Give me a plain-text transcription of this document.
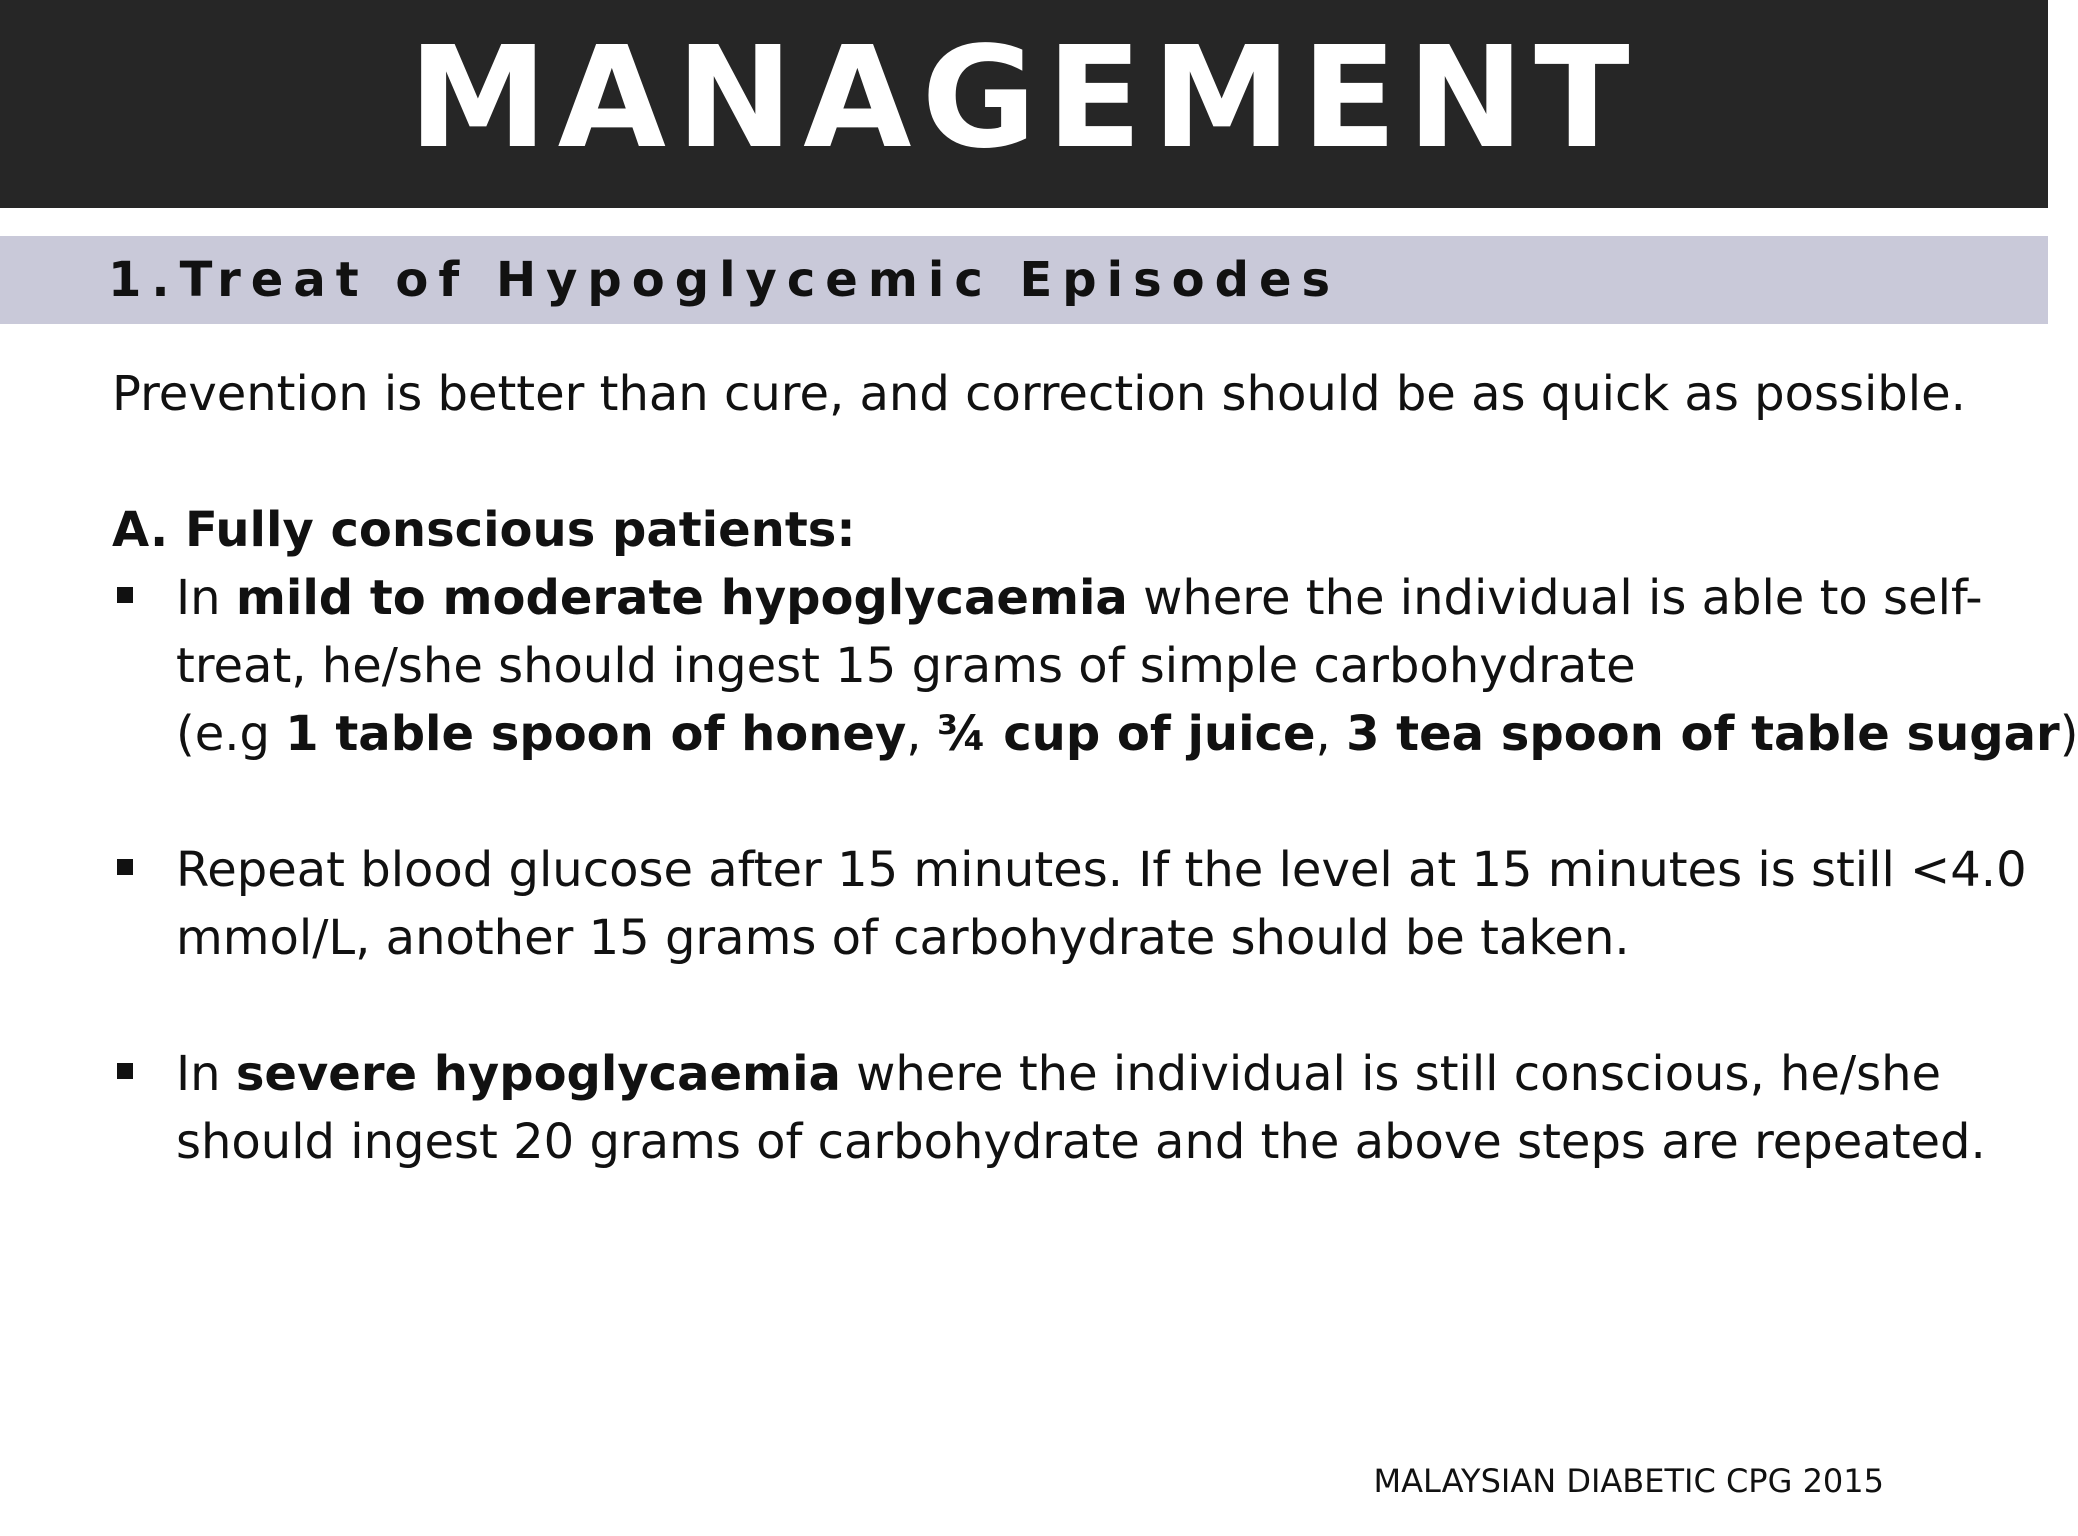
MANAGEMENT
1.Treat of Hypoglycemic Episodes

Prevention is better than cure, and correction should be as quick as possible.

A. Fully conscious patients:

In mild to moderate hypoglycaemia where the individual is able to self-
treat, he/she should ingest 15 grams of simple carbohydrate
(e.g 1 table spoon of honey, ¾ cup of juice, 3 tea spoon of table sugar)
Repeat blood glucose after 15 minutes. If the level at 15 minutes is still <4.0
mmol/L, another 15 grams of carbohydrate should be taken.
In severe hypoglycaemia where the individual is still conscious, he/she
should ingest 20 grams of carbohydrate and the above steps are repeated.
MALAYSIAN DIABETIC CPG 2015
